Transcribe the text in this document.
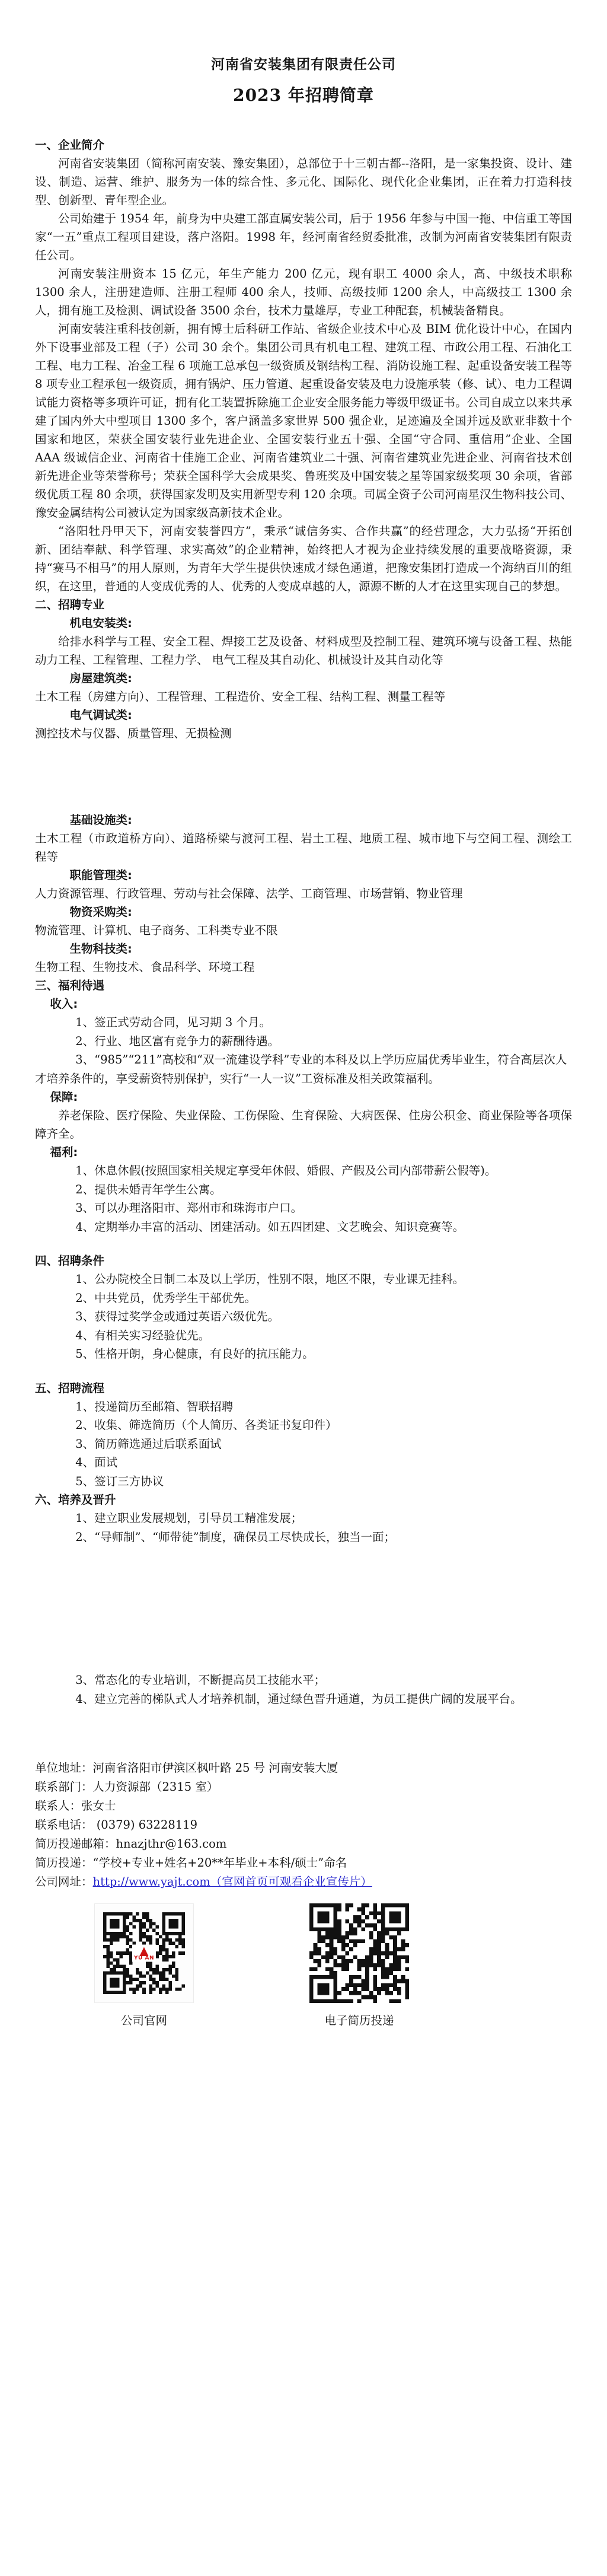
河南省安装集团有限责任公司
2023 年招聘简章

一、企业简介

河南省安装集团（简称河南安装、豫安集团），总部位于十三朝古都--洛阳，是一家集投资、设计、建设、制造、运营、维护、服务为一体的综合性、多元化、国际化、现代化企业集团，正在着力打造科技型、创新型、青年型企业。

公司始建于 1954 年，前身为中央建工部直属安装公司，后于 1956 年参与中国一拖、中信重工等国家“一五”重点工程项目建设，落户洛阳。1998 年，经河南省经贸委批准，改制为河南省安装集团有限责任公司。

河南安装注册资本 15 亿元，年生产能力 200 亿元，现有职工 4000 余人，高、中级技术职称 1300 余人，注册建造师、注册工程师 400 余人，技师、高级技师 1200 余人，中高级技工 1300 余人，拥有施工及检测、调试设备 3500 余台，技术力量雄厚，专业工种配套，机械装备精良。

河南安装注重科技创新，拥有博士后科研工作站、省级企业技术中心及 BIM 优化设计中心，在国内外下设事业部及工程（子）公司 30 余个。集团公司具有机电工程、建筑工程、市政公用工程、石油化工工程、电力工程、冶金工程 6 项施工总承包一级资质及钢结构工程、消防设施工程、起重设备安装工程等 8 项专业工程承包一级资质，拥有锅炉、压力管道、起重设备安装及电力设施承装（修、试）、电力工程调试能力资格等多项许可证，拥有化工装置拆除施工企业安全服务能力等级甲级证书。公司自成立以来共承建了国内外大中型项目 1300 多个，客户涵盖多家世界 500 强企业，足迹遍及全国并远及欧亚非数十个国家和地区，荣获全国安装行业先进企业、全国安装行业五十强、全国“守合同、重信用”企业、全国 AAA 级诚信企业、河南省十佳施工企业、河南省建筑业二十强、河南省建筑业先进企业、河南省技术创新先进企业等荣誉称号；荣获全国科学大会成果奖、鲁班奖及中国安装之星等国家级奖项 30 余项，省部级优质工程 80 余项，获得国家发明及实用新型专利 120 余项。司属全资子公司河南星汉生物科技公司、豫安金属结构公司被认定为国家级高新技术企业。

“洛阳牡丹甲天下，河南安装誉四方”，秉承“诚信务实、合作共赢”的经营理念，大力弘扬“开拓创新、团结奉献、科学管理、求实高效”的企业精神，始终把人才视为企业持续发展的重要战略资源，秉持“赛马不相马”的用人原则，为青年大学生提供快速成才绿色通道，把豫安集团打造成一个海纳百川的组织，在这里，普通的人变成优秀的人、优秀的人变成卓越的人，源源不断的人才在这里实现自己的梦想。

二、招聘专业

机电安装类:

给排水科学与工程、安全工程、焊接工艺及设备、材料成型及控制工程、建筑环境与设备工程、热能动力工程、工程管理、工程力学、 电气工程及其自动化、机械设计及其自动化等

房屋建筑类:

土木工程（房建方向）、工程管理、工程造价、安全工程、结构工程、测量工程等

电气调试类:

测控技术与仪器、质量管理、无损检测

基础设施类:

土木工程（市政道桥方向）、道路桥梁与渡河工程、岩土工程、地质工程、城市地下与空间工程、测绘工程等

职能管理类:

人力资源管理、行政管理、劳动与社会保障、法学、工商管理、市场营销、物业管理

物资采购类:

物流管理、计算机、电子商务、工科类专业不限

生物科技类:

生物工程、生物技术、食品科学、环境工程

三、福利待遇

收入:

1、签正式劳动合同，见习期 3 个月。

2、行业、地区富有竞争力的薪酬待遇。

3、“985”“211”高校和“双一流建设学科”专业的本科及以上学历应届优秀毕业生，符合高层次人才培养条件的，享受薪资特别保护，实行“一人一议”工资标准及相关政策福利。

保障:

养老保险、医疗保险、失业保险、工伤保险、生育保险、大病医保、住房公积金、商业保险等各项保障齐全。

福利:

1、休息休假(按照国家相关规定享受年休假、婚假、产假及公司内部带薪公假等)。

2、提供未婚青年学生公寓。

3、可以办理洛阳市、郑州市和珠海市户口。

4、定期举办丰富的活动、团建活动。如五四团建、文艺晚会、知识竞赛等。

四、招聘条件

1、公办院校全日制二本及以上学历，性别不限，地区不限，专业课无挂科。

2、中共党员，优秀学生干部优先。

3、获得过奖学金或通过英语六级优先。

4、有相关实习经验优先。

5、性格开朗，身心健康，有良好的抗压能力。

五、招聘流程

1、投递简历至邮箱、智联招聘

2、收集、筛选简历（个人简历、各类证书复印件）

3、简历筛选通过后联系面试

4、面试

5、签订三方协议

六、培养及晋升

1、建立职业发展规划，引导员工精准发展；

2、“导师制”、“师带徒”制度，确保员工尽快成长，独当一面；

3、常态化的专业培训，不断提高员工技能水平；

4、建立完善的梯队式人才培养机制，通过绿色晋升通道，为员工提供广阔的发展平台。

单位地址：河南省洛阳市伊滨区枫叶路 25 号 河南安装大厦

联系部门：人力资源部（2315 室）

联系人：张女士

联系电话： (0379) 63228119

简历投递邮箱：hnazjthr@163.com

简历投递：“学校+专业+姓名+20**年毕业+本科/硕士”命名

公司网址：http://www.yajt.com（官网首页可观看企业宣传片）

▲
YU AN
公司官网	电子简历投递
